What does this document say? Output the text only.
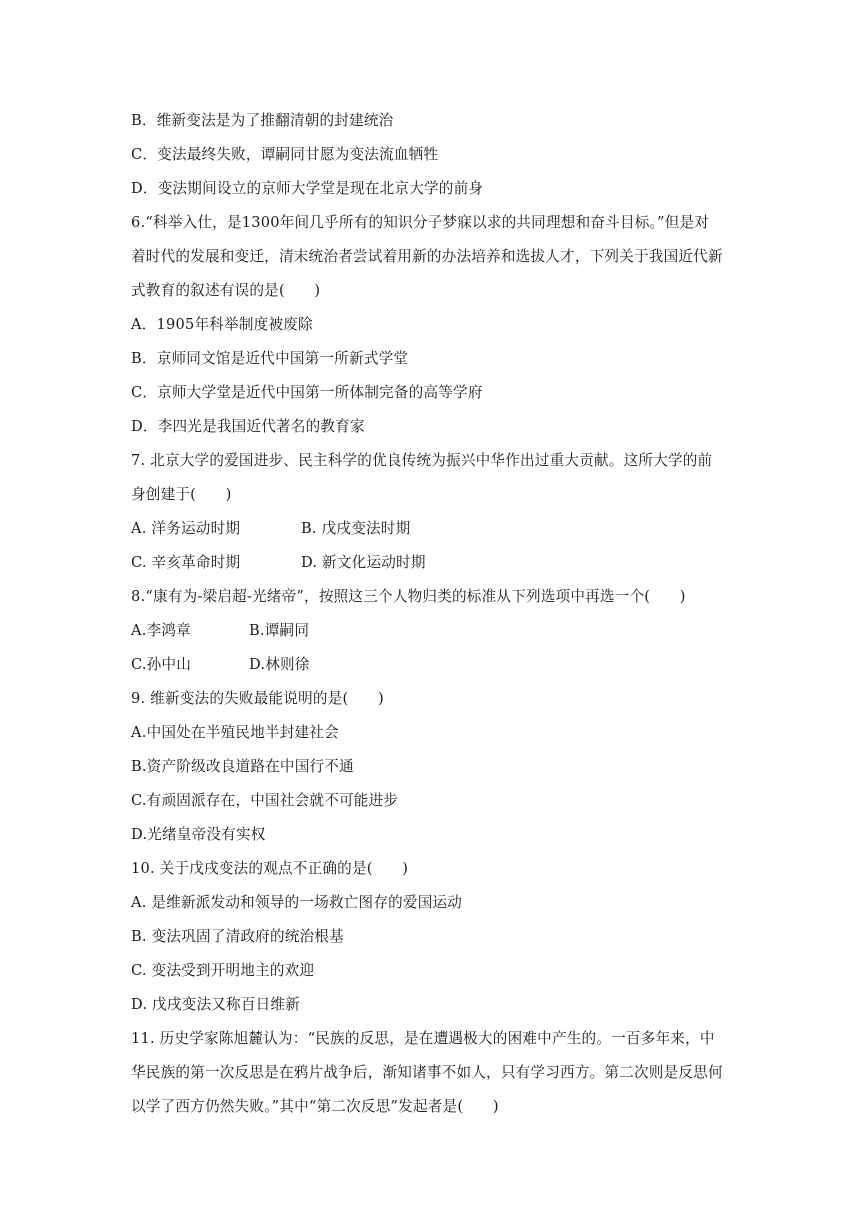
B．维新变法是为了推翻清朝的封建统治
C．变法最终失败，谭嗣同甘愿为变法流血牺牲
D．变法期间设立的京师大学堂是现在北京大学的前身
6.“科举入仕，是1300年间几乎所有的知识分子梦寐以求的共同理想和奋斗目标。”但是对
着时代的发展和变迁，清末统治者尝试着用新的办法培养和选拔人才，下列关于我国近代新
式教育的叙述有误的是(　　)
A．1905年科举制度被废除
B．京师同文馆是近代中国第一所新式学堂
C．京师大学堂是近代中国第一所体制完备的高等学府
D．李四光是我国近代著名的教育家
7. 北京大学的爱国进步、民主科学的优良传统为振兴中华作出过重大贡献。这所大学的前
身创建于(　　)
A. 洋务运动时期	B. 戊戌变法时期
C. 辛亥革命时期	D. 新文化运动时期
8.“康有为-梁启超-光绪帝”，按照这三个人物归类的标准从下列选项中再选一个(　　)
A.李鸿章	B.谭嗣同
C.孙中山	D.林则徐
9. 维新变法的失败最能说明的是(　　)
A.中国处在半殖民地半封建社会
B.资产阶级改良道路在中国行不通
C.有顽固派存在，中国社会就不可能进步
D.光绪皇帝没有实权
10. 关于戊戌变法的观点不正确的是(　　)
A. 是维新派发动和领导的一场救亡图存的爱国运动
B. 变法巩固了清政府的统治根基
C. 变法受到开明地主的欢迎
D. 戊戌变法又称百日维新
11. 历史学家陈旭麓认为：“民族的反思，是在遭遇极大的困难中产生的。一百多年来，中
华民族的第一次反思是在鸦片战争后，渐知诸事不如人，只有学习西方。第二次则是反思何
以学了西方仍然失败。”其中“第二次反思”发起者是(　　)
